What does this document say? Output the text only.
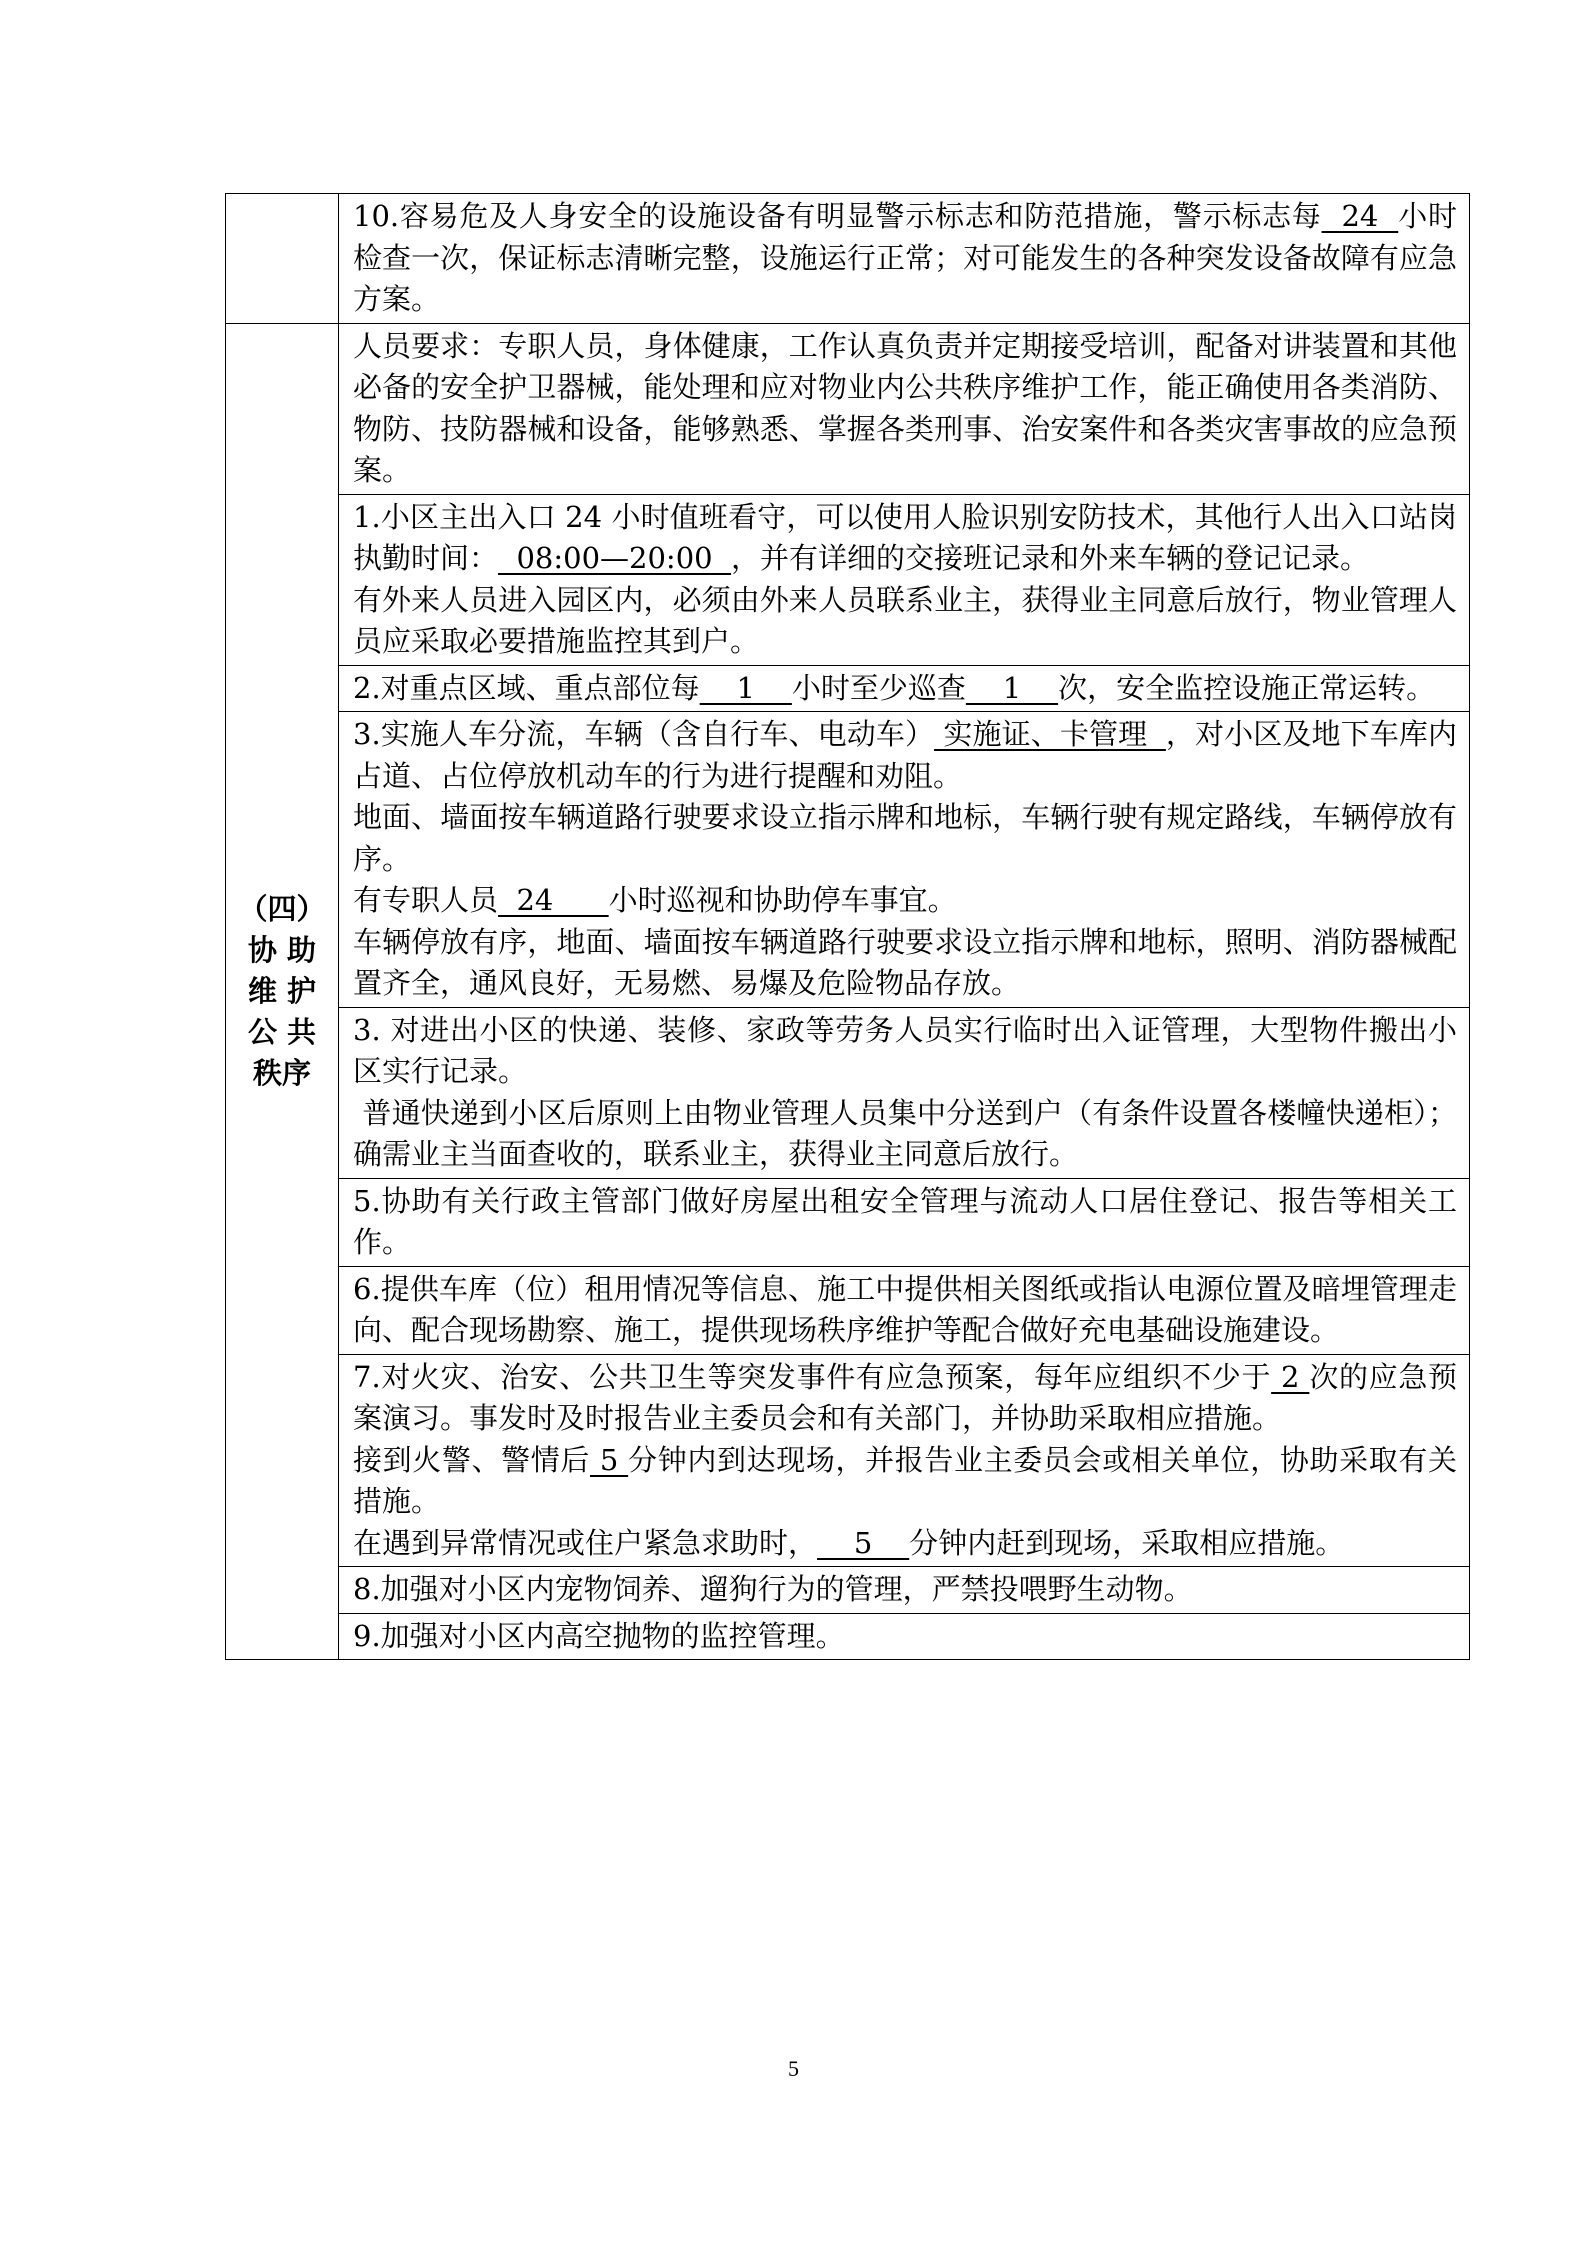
	10.容易危及人身安全的设施设备有明显警示标志和防范措施，警示标志每  24  小时检查一次，保证标志清晰完整，设施运行正常；对可能发生的各种突发设备故障有应急方案。

（四）
协 助
维 护
公 共
秩序	人员要求：专职人员，身体健康，工作认真负责并定期接受培训，配备对讲装置和其他必备的安全护卫器械，能处理和应对物业内公共秩序维护工作，能正确使用各类消防、物防、技防器械和设备，能够熟悉、掌握各类刑事、治安案件和各类灾害事故的应急预案。

	1.小区主出入口 24 小时值班看守，可以使用人脸识别安防技术，其他行人出入口站岗执勤时间：  08:00—20:00  ，并有详细的交接班记录和外来车辆的登记记录。
有外来人员进入园区内，必须由外来人员联系业主，获得业主同意后放行，物业管理人员应采取必要措施监控其到户。

	2.对重点区域、重点部位每    1    小时至少巡查    1    次，安全监控设施正常运转。

	3.实施人车分流，车辆（含自行车、电动车） 实施证、卡管理  ，对小区及地下车库内占道、占位停放机动车的行为进行提醒和劝阻。
地面、墙面按车辆道路行驶要求设立指示牌和地标，车辆行驶有规定路线，车辆停放有序。
有专职人员  24      小时巡视和协助停车事宜。
车辆停放有序，地面、墙面按车辆道路行驶要求设立指示牌和地标，照明、消防器械配置齐全，通风良好，无易燃、易爆及危险物品存放。

	3. 对进出小区的快递、装修、家政等劳务人员实行临时出入证管理，大型物件搬出小区实行记录。
普通快递到小区后原则上由物业管理人员集中分送到户（有条件设置各楼幢快递柜）；确需业主当面查收的，联系业主，获得业主同意后放行。

	5.协助有关行政主管部门做好房屋出租安全管理与流动人口居住登记、报告等相关工作。
	6.提供车库（位）租用情况等信息、施工中提供相关图纸或指认电源位置及暗埋管理走向、配合现场勘察、施工，提供现场秩序维护等配合做好充电基础设施建设。

	7.对火灾、治安、公共卫生等突发事件有应急预案，每年应组织不少于 2 次的应急预案演习。事发时及时报告业主委员会和有关部门，并协助采取相应措施。
接到火警、警情后 5 分钟内到达现场，并报告业主委员会或相关单位，协助采取有关措施。
在遇到异常情况或住户紧急求助时，    5    分钟内赶到现场，采取相应措施。

	8.加强对小区内宠物饲养、遛狗行为的管理，严禁投喂野生动物。
	9.加强对小区内高空抛物的监控管理。
5
